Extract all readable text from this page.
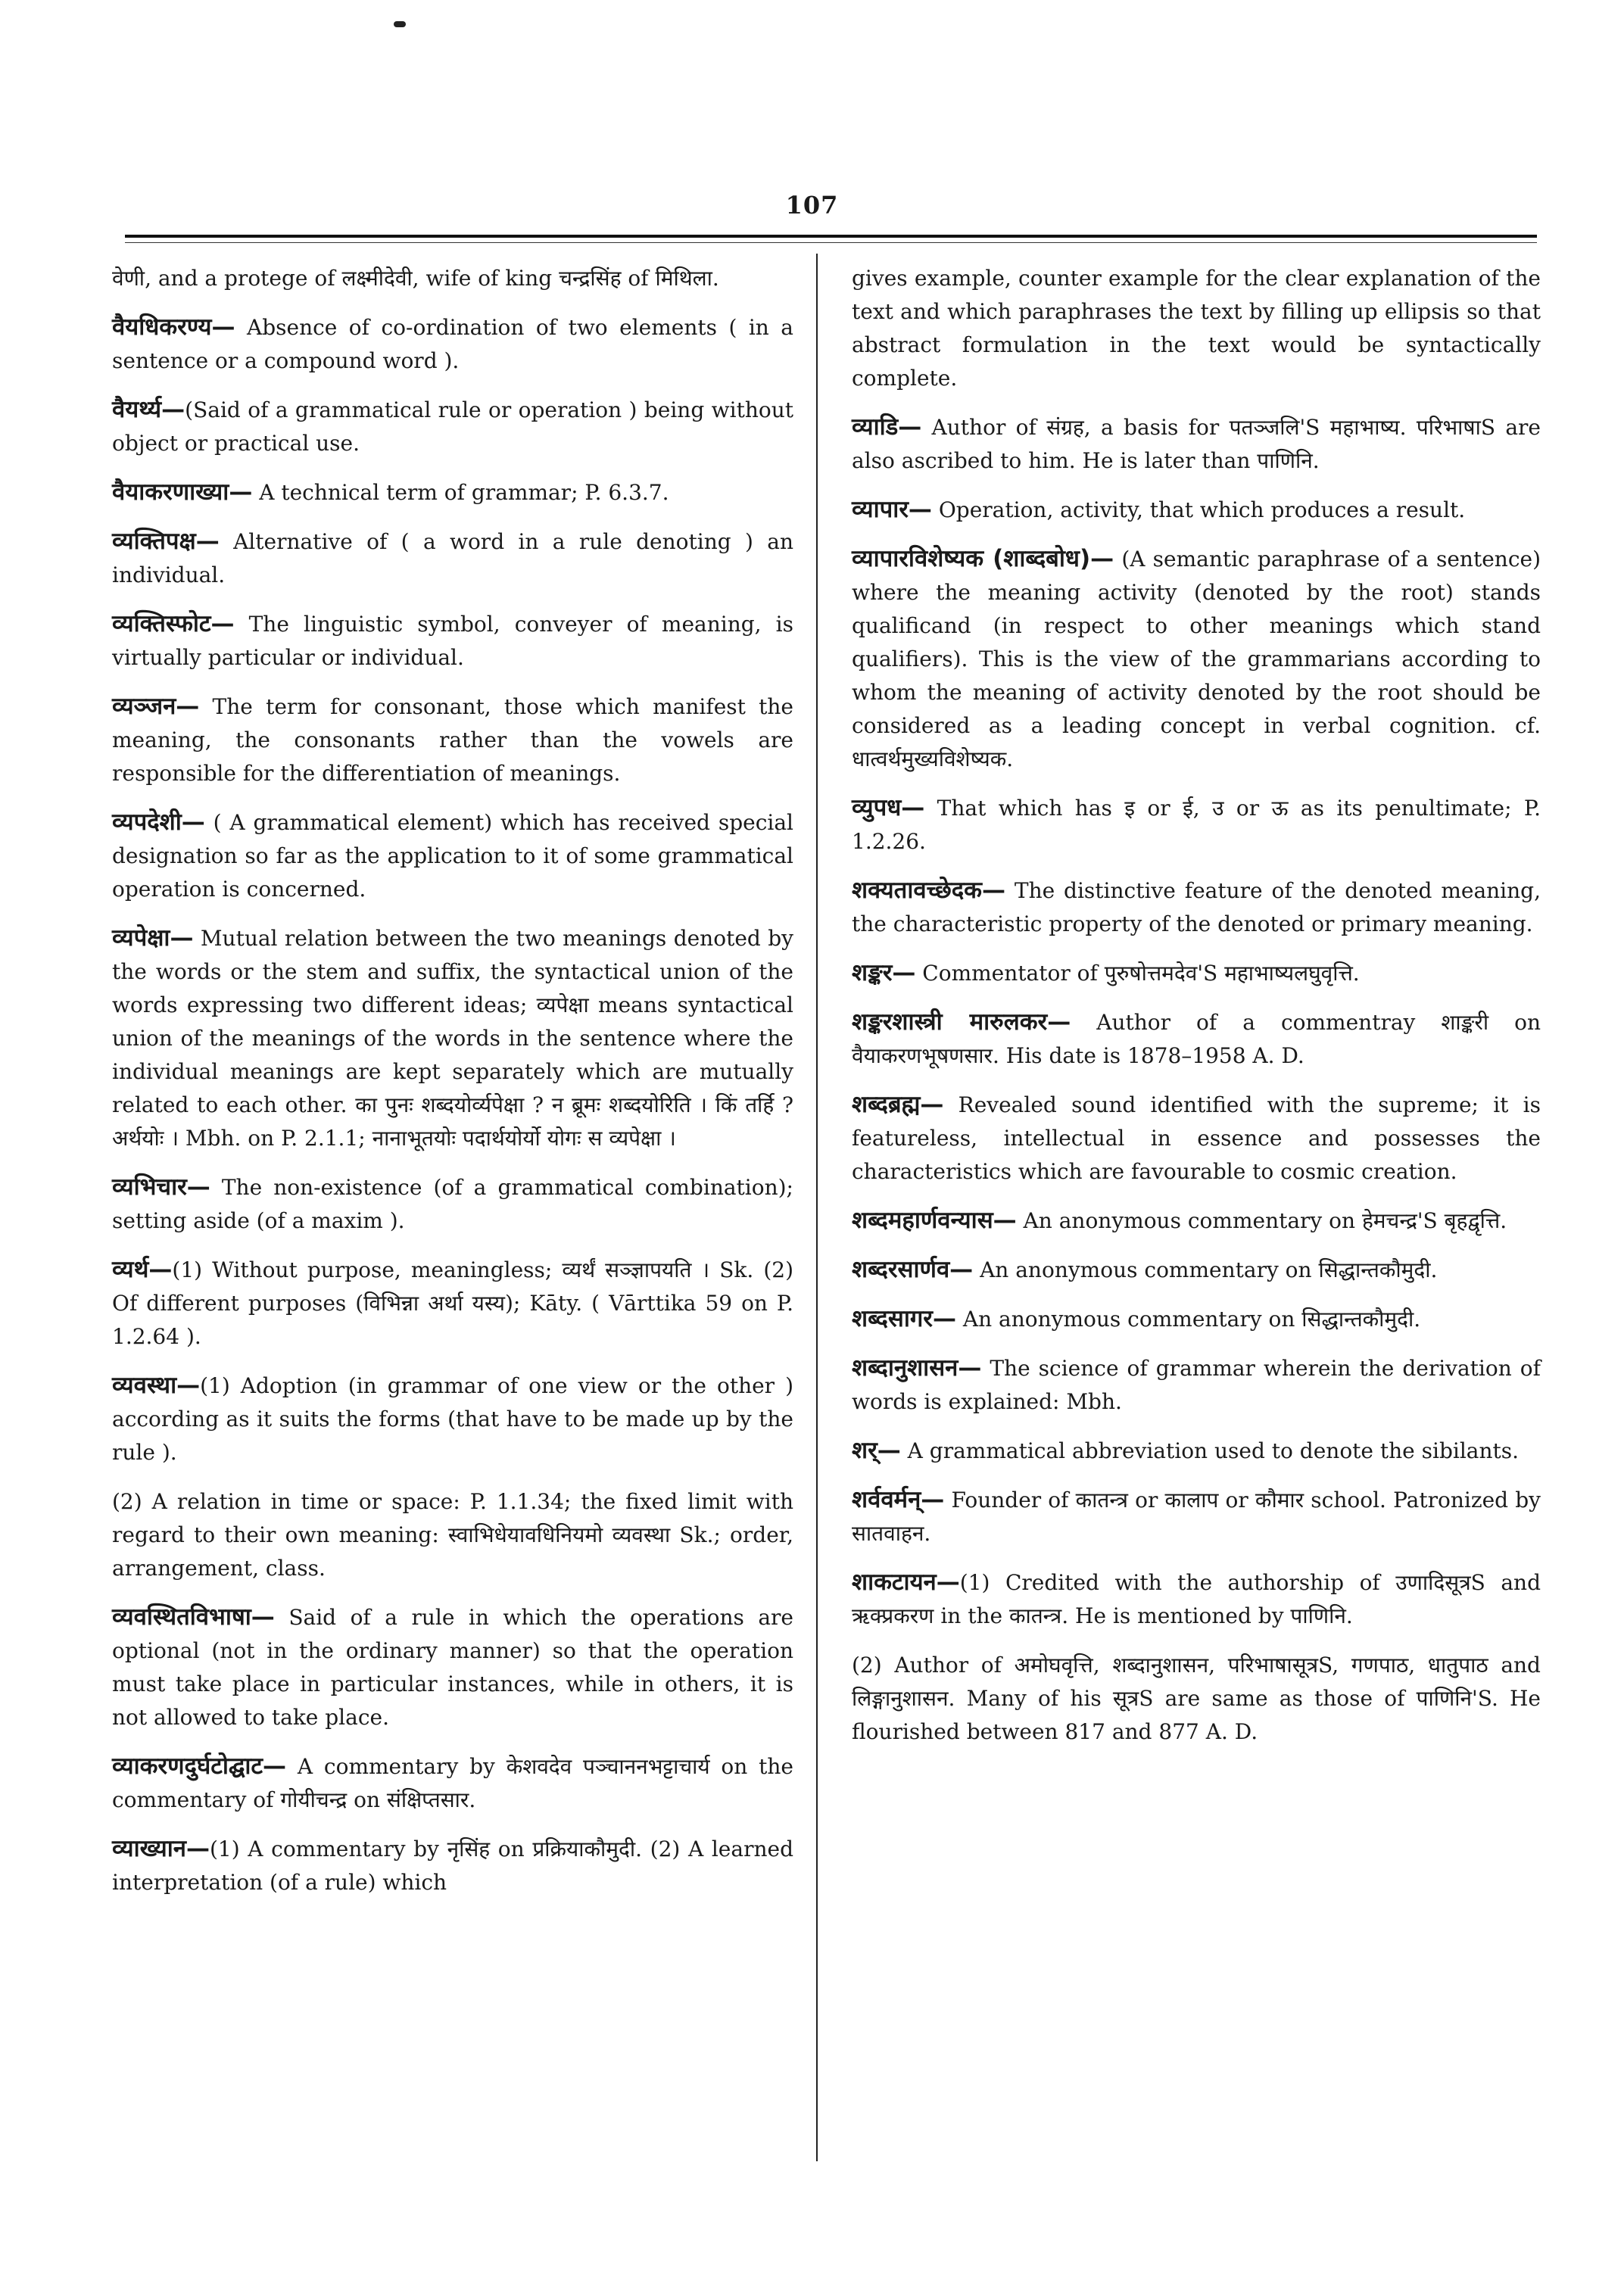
107

वेणी, and a protege of लक्ष्मीदेवी, wife of king चन्द्रसिंह of मिथिला.

वैयधिकरण्य— Absence of co-ordination of two elements ( in a sentence or a compound word ).

वैयर्थ्य—(Said of a grammatical rule or operation ) being without object or practical use.

वैयाकरणाख्या— A technical term of grammar; P. 6.3.7.

व्यक्तिपक्ष— Alternative of ( a word in a rule denoting ) an individual.

व्यक्तिस्फोट— The linguistic symbol, conveyer of meaning, is virtually particular or individual.

व्यञ्जन— The term for consonant, those which manifest the meaning, the consonants rather than the vowels are responsible for the differentiation of meanings.

व्यपदेशी— ( A grammatical element) which has received special designation so far as the application to it of some grammatical operation is concerned.

व्यपेक्षा— Mutual relation between the two meanings denoted by the words or the stem and suffix, the syntactical union of the words expressing two different ideas; व्यपेक्षा means syntactical union of the meanings of the words in the sentence where the individual meanings are kept separately which are mutually related to each other. का पुनः शब्दयोर्व्यपेक्षा ? न ब्रूमः शब्दयोरिति । किं तर्हि ? अर्थयोः । Mbh. on P. 2.1.1; नानाभूतयोः पदार्थयोर्यो योगः स व्यपेक्षा ।

व्यभिचार— The non-existence (of a grammatical combination); setting aside (of a maxim ).

व्यर्थ—(1) Without purpose, meaningless; व्यर्थं सञ्ज्ञापयति । Sk. (2) Of different purposes (विभिन्ना अर्था यस्य); Kāty. ( Vārttika 59 on P. 1.2.64 ).

व्यवस्था—(1) Adoption (in grammar of one view or the other ) according as it suits the forms (that have to be made up by the rule ).

(2) A relation in time or space: P. 1.1.34; the fixed limit with regard to their own meaning: स्वाभिधेयावधिनियमो व्यवस्था Sk.; order, arrangement, class.

व्यवस्थितविभाषा— Said of a rule in which the operations are optional (not in the ordinary manner) so that the operation must take place in particular instances, while in others, it is not allowed to take place.

व्याकरणदुर्घटोद्घाट— A commentary by केशवदेव पञ्चाननभट्टाचार्य on the commentary of गोयीचन्द्र on संक्षिप्तसार.

व्याख्यान—(1) A commentary by नृसिंह on प्रक्रियाकौमुदी. (2) A learned interpretation (of a rule) which

gives example, counter example for the clear explanation of the text and which paraphrases the text by filling up ellipsis so that abstract formulation in the text would be syntactically complete.

व्याडि— Author of संग्रह, a basis for पतञ्जलि'S महाभाष्य. परिभाषाS are also ascribed to him. He is later than पाणिनि.

व्यापार— Operation, activity, that which produces a result.

व्यापारविशेष्यक (शाब्दबोध)— (A semantic paraphrase of a sentence) where the meaning activity (denoted by the root) stands qualificand (in respect to other meanings which stand qualifiers). This is the view of the grammarians according to whom the meaning of activity denoted by the root should be considered as a leading concept in verbal cognition. cf. धात्वर्थमुख्यविशेष्यक.

व्युपध— That which has इ or ई, उ or ऊ as its penultimate; P. 1.2.26.

शक्यतावच्छेदक— The distinctive feature of the denoted meaning, the characteristic property of the denoted or primary meaning.

शङ्कर— Commentator of पुरुषोत्तमदेव'S महाभाष्यलघुवृत्ति.

शङ्करशास्त्री मारुलकर— Author of a commentray शाङ्करी on वैयाकरणभूषणसार. His date is 1878–1958 A. D.

शब्दब्रह्म— Revealed sound identified with the supreme; it is featureless, intellectual in essence and possesses the characteristics which are favourable to cosmic creation.

शब्दमहार्णवन्यास— An anonymous commentary on हेमचन्द्र'S बृहद्वृत्ति.

शब्दरसार्णव— An anonymous commentary on सिद्धान्तकौमुदी.

शब्दसागर— An anonymous commentary on सिद्धान्तकौमुदी.

शब्दानुशासन— The science of grammar wherein the derivation of words is explained: Mbh.

शर्— A grammatical abbreviation used to denote the sibilants.

शर्ववर्मन्— Founder of कातन्त्र or कालाप or कौमार school. Patronized by सातवाहन.

शाकटायन—(1) Credited with the authorship of उणादिसूत्रS and ऋक्प्रकरण in the कातन्त्र. He is mentioned by पाणिनि.

(2) Author of अमोघवृत्ति, शब्दानुशासन, परिभाषासूत्रS, गणपाठ, धातुपाठ and लिङ्गानुशासन. Many of his सूत्रS are same as those of पाणिनि'S. He flourished between 817 and 877 A. D.
